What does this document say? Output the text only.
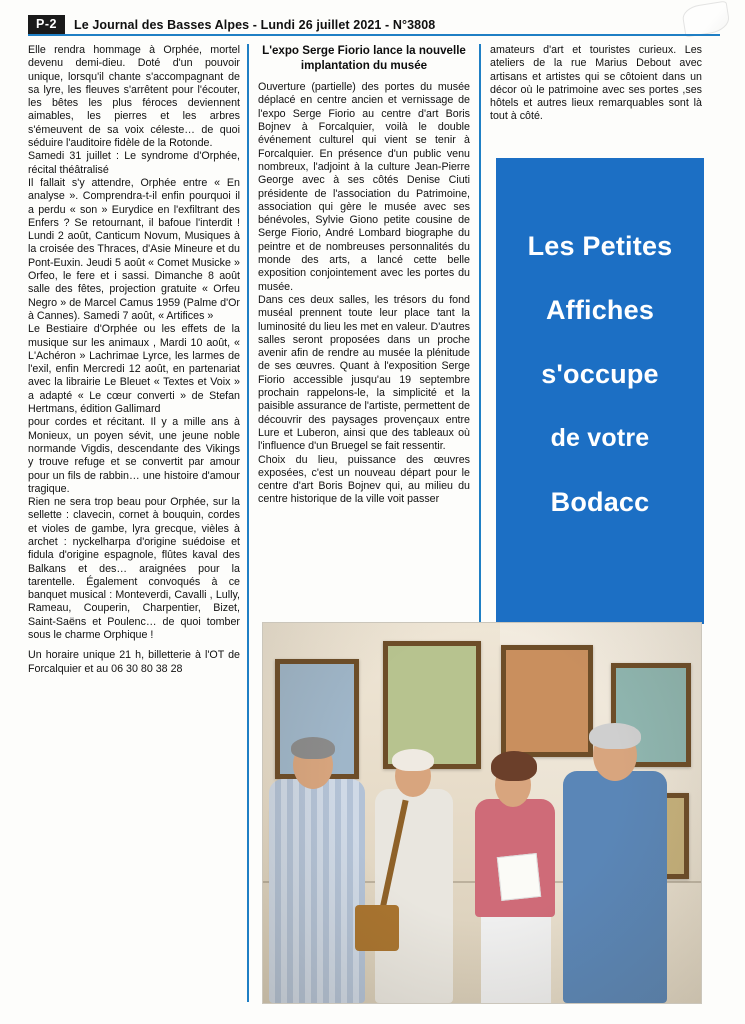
P-2	Le Journal des Basses Alpes - Lundi 26 juillet 2021 - N°3808

Elle rendra hommage à Orphée, mortel devenu demi-dieu. Doté d'un pouvoir unique, lorsqu'il chante s'accompagnant de sa lyre, les fleuves s'arrêtent pour l'écouter, les bêtes les plus féroces deviennent aimables, les pierres et les arbres s'émeuvent de sa voix céleste… de quoi séduire l'auditoire fidèle de la Rotonde.

Samedi 31 juillet : Le syndrome d'Orphée, récital théâtralisé

Il fallait s'y attendre, Orphée entre « En analyse ». Comprendra-t-il enfin pourquoi il a perdu « son » Eurydice en l'exfiltrant des Enfers ? Se retournant, il bafoue l'interdit ! Lundi 2 août, Canticum Novum, Musiques à la croisée des Thraces, d'Asie Mineure et du Pont-Euxin. Jeudi 5 août « Comet Musicke » Orfeo, le fere et i sassi. Dimanche 8 août salle des fêtes, projection gratuite « Orfeu Negro » de Marcel Camus 1959 (Palme d'Or à Cannes). Samedi 7 août, « Artifices »

Le Bestiaire d'Orphée ou les effets de la musique sur les animaux , Mardi 10 août, « L'Achéron » Lachrimae Lyrce, les larmes de l'exil, enfin Mercredi 12 août, en partenariat avec la librairie Le Bleuet « Textes et Voix » a adapté « Le cœur converti » de Stefan Hertmans, édition Gallimard

pour cordes et récitant. Il y a mille ans à Monieux, un poyen sévit, une jeune noble normande Vigdis, descendante des Vikings y trouve refuge et se convertit par amour pour un fils de rabbin… une histoire d'amour tragique.

Rien ne sera trop beau pour Orphée, sur la sellette : clavecin, cornet à bouquin, cordes et violes de gambe, lyra grecque, vièles à archet : nyckelharpa d'origine suédoise et fidula d'origine espagnole, flûtes kaval des Balkans et des… araignées pour la tarentelle. Également convoqués à ce banquet musical : Monteverdi, Cavalli , Lully, Rameau, Couperin, Charpentier, Bizet, Saint-Saëns et Poulenc… de quoi tomber sous le charme Orphique !

Un horaire unique 21 h, billetterie à l'OT de Forcalquier et au 06 30 80 38 28

L'expo Serge Fiorio lance la nouvelle implantation du musée

Ouverture (partielle) des portes du musée déplacé en centre ancien et vernissage de l'expo Serge Fiorio au centre d'art Boris Bojnev à Forcalquier, voilà le double événement culturel qui vient se tenir à Forcalquier. En présence d'un public venu nombreux, l'adjoint à la culture Jean-Pierre George avec à ses côtés Denise Ciuti présidente de l'association du Patrimoine, association qui gère le musée avec ses bénévoles, Sylvie Giono petite cousine de Serge Fiorio, André Lombard biographe du peintre et de nombreuses personnalités du monde des arts, a lancé cette belle exposition conjointement avec les portes du musée.

Dans ces deux salles, les trésors du fond muséal prennent toute leur place tant la luminosité du lieu les met en valeur. D'autres salles seront proposées dans un proche avenir afin de rendre au musée la plénitude de ses œuvres. Quant à l'exposition Serge Fiorio accessible jusqu'au 19 septembre prochain rappelons-le, la simplicité et la paisible assurance de l'artiste, permettent de découvrir des paysages provençaux entre Lure et Luberon, ainsi que des tableaux où l'influence d'un Bruegel se fait ressentir.

Choix du lieu, puissance des œuvres exposées, c'est un nouveau départ pour le centre d'art Boris Bojnev qui, au milieu du centre historique de la ville voit passer

amateurs d'art et touristes curieux. Les ateliers de la rue Marius Debout avec artisans et artistes qui se côtoient dans un décor où le patrimoine avec ses portes ,ses hôtels et autres lieux remarquables sont là tout à côté.

Les Petites
Affiches
s'occupe
de votre
Bodacc
